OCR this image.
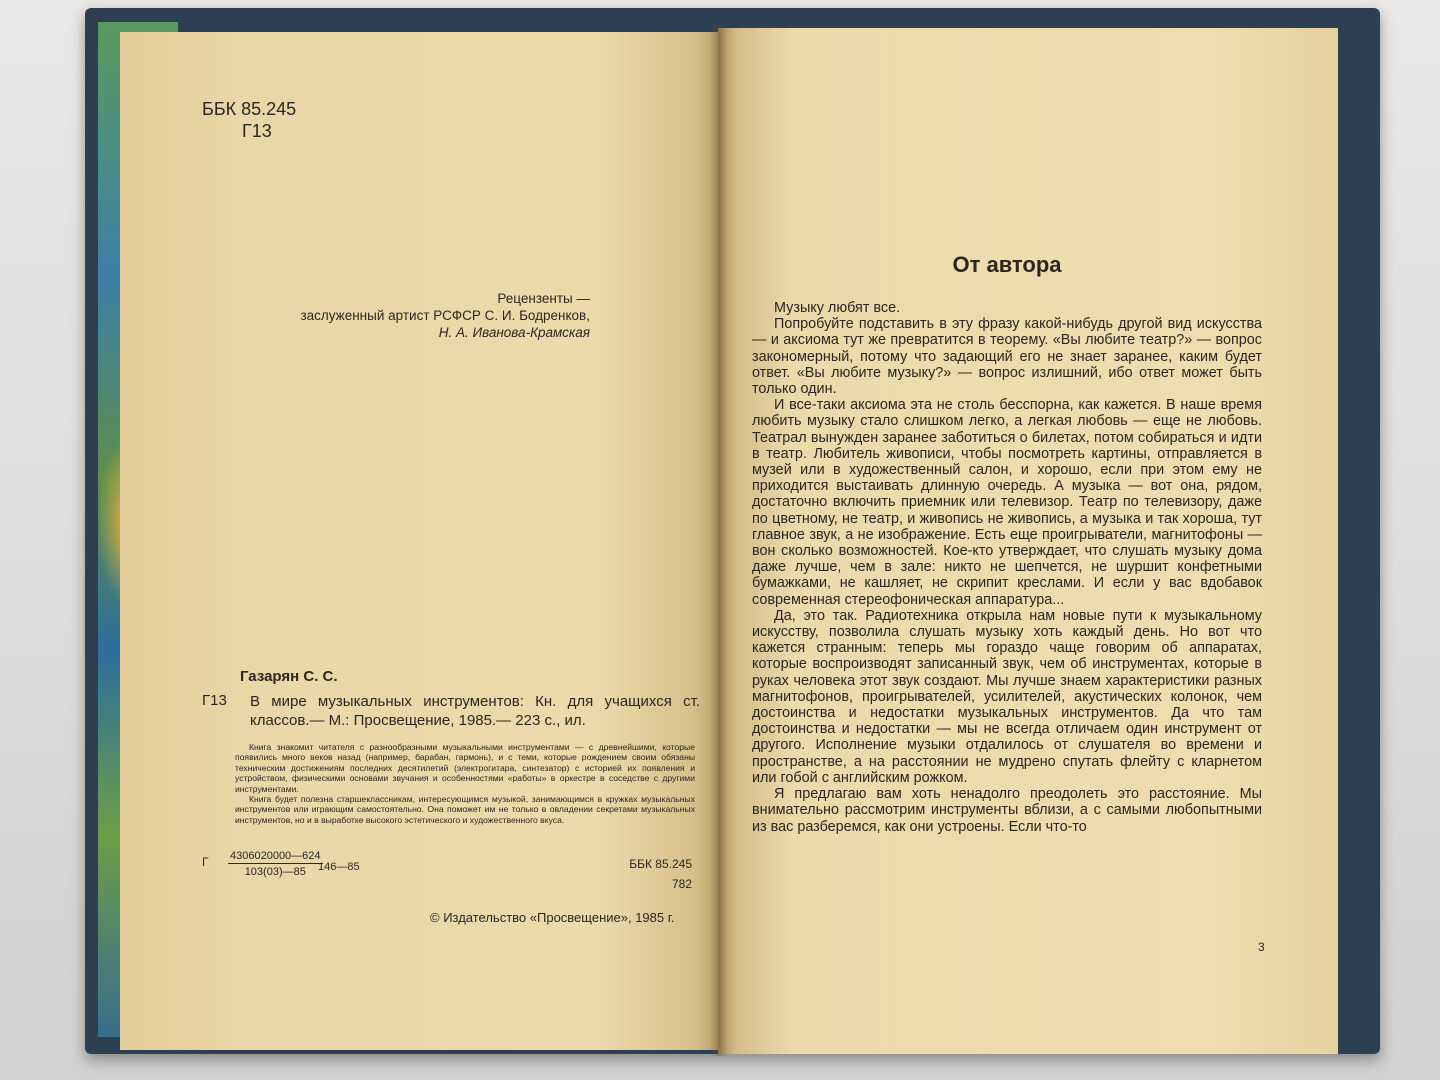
ББК 85.245
Г13
Рецензенты —
заслуженный артист РСФСР С. И. Бодренков,
Н. А. Иванова-Крамская
Газарян С. С.
Г13 В мире музыкальных инструментов: Кн. для учащихся ст. классов.— М.: Просвещение, 1985.— 223 с., ил.

Книга знакомит читателя с разнообразными музыкальными инструментами — с древнейшими, которые появились много веков назад (например, барабан, гармонь), и с теми, которые рождением своим обязаны техническим достижениям последних десятилетий (электрогитара, синтезатор) с историей их появления и устройством, физическими основами звучания и особенностями «работы» в оркестре в соседстве с другими инструментами.

Книга будет полезна старшеклассникам, интересующимся музыкой, занимающимся в кружках музыкальных инструментов или играющим самостоятельно. Она поможет им не только в овладении секретами музыкальных инструментов, но и в выработке высокого эстетического и художественного вкуса.

Г $\frac{4306020000—624}{103(03)—85}$
146—85	ББК 85.245
782
© Издательство «Просвещение», 1985 г.
От автора

Музыку любят все.

Попробуйте подставить в эту фразу какой-нибудь другой вид искусства — и аксиома тут же превратится в теорему. «Вы любите театр?» — вопрос закономерный, потому что задающий его не знает заранее, каким будет ответ. «Вы любите музыку?» — вопрос излишний, ибо ответ может быть только один.

И все-таки аксиома эта не столь бесспорна, как кажется. В наше время любить музыку стало слишком легко, а легкая любовь — еще не любовь. Театрал вынужден заранее заботиться о билетах, потом собираться и идти в театр. Любитель живописи, чтобы посмотреть картины, отправляется в музей или в художественный салон, и хорошо, если при этом ему не приходится выстаивать длинную очередь. А музыка — вот она, рядом, достаточно включить приемник или телевизор. Театр по телевизору, даже по цветному, не театр, и живопись не живопись, а музыка и так хороша, тут главное звук, а не изображение. Есть еще проигрыватели, магнитофоны — вон сколько возможностей. Кое-кто утверждает, что слушать музыку дома даже лучше, чем в зале: никто не шепчется, не шуршит конфетными бумажками, не кашляет, не скрипит креслами. И если у вас вдобавок современная стереофоническая аппаратура...

Да, это так. Радиотехника открыла нам новые пути к музыкальному искусству, позволила слушать музыку хоть каждый день. Но вот что кажется странным: теперь мы гораздо чаще говорим об аппаратах, которые воспроизводят записанный звук, чем об инструментах, которые в руках человека этот звук создают. Мы лучше знаем характеристики разных магнитофонов, проигрывателей, усилителей, акустических колонок, чем достоинства и недостатки музыкальных инструментов. Да что там достоинства и недостатки — мы не всегда отличаем один инструмент от другого. Исполнение музыки отдалилось от слушателя во времени и пространстве, а на расстоянии не мудрено спутать флейту с кларнетом или гобой с английским рожком.

Я предлагаю вам хоть ненадолго преодолеть это расстояние. Мы внимательно рассмотрим инструменты вблизи, а с самыми любопытными из вас разберемся, как они устроены. Если что-то

3
